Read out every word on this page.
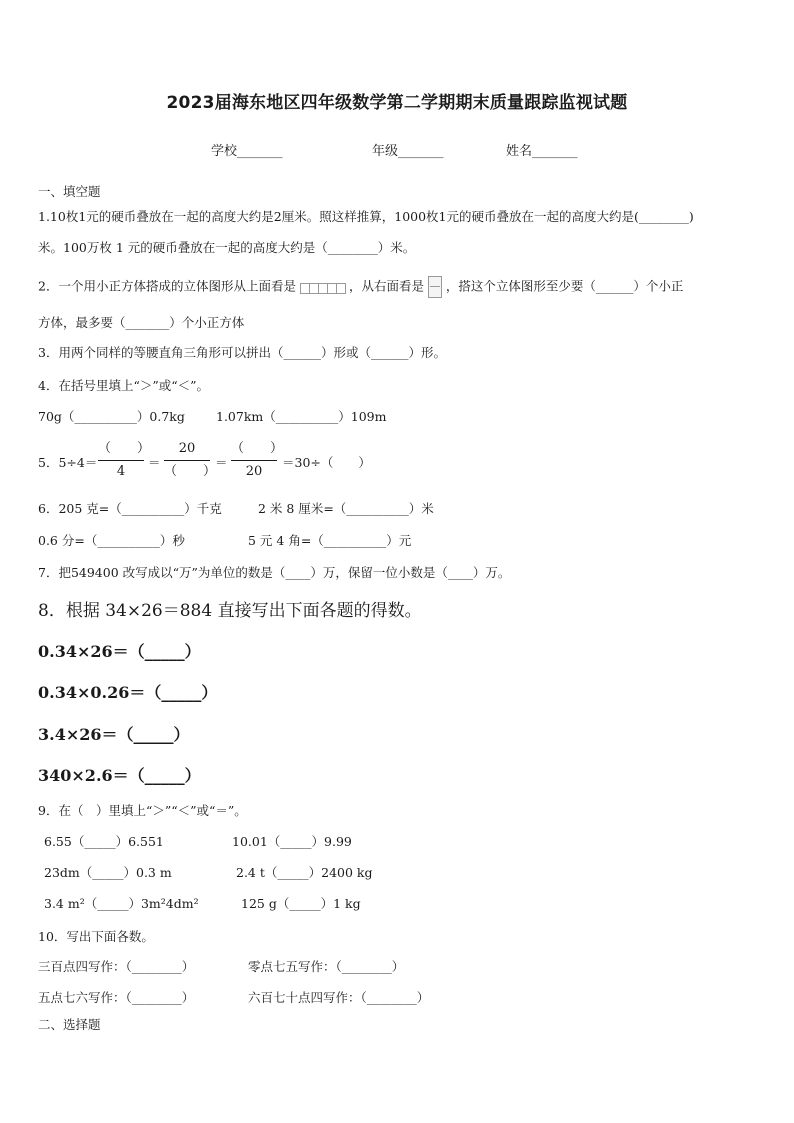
2023届海东地区四年级数学第二学期期末质量跟踪监视试题
学校_______	年级_______	姓名_______
一、填空题
1.10枚1元的硬币叠放在一起的高度大约是2厘米。照这样推算，1000枚1元的硬币叠放在一起的高度大约是(________)
米。100万枚 1 元的硬币叠放在一起的高度大约是（________）米。
2．一个用小正方体搭成的立体图形从上面看是	，从右面看是 ，搭这个立体图形至少要（______）个小正
方体，最多要（_______）个小正方体
3．用两个同样的等腰直角三角形可以拼出（______）形或（______）形。
4．在括号里填上“＞”或“＜”。
70g（__________）0.7kg 1.07km（__________）109m
5．5÷4＝
（　　）
4
＝
20
（　　）
＝
（　　）
20
＝30÷（　　）
6．205 克=（__________）千克	2 米 8 厘米=（__________）米
0.6 分=（__________）秒	5 元 4 角=（__________）元
7．把549400 改写成以“万”为单位的数是（____）万，保留一位小数是（____）万。
8．根据 34×26＝884 直接写出下面各题的得数。
0.34×26＝（_____）
0.34×0.26＝（_____）
3.4×26＝（_____）
340×2.6＝（_____）
9．在（　）里填上“＞”“＜”或“＝”。
6.55（_____）6.551	10.01（_____）9.99
23dm（_____）0.3 m	2.4 t（_____）2400 kg
3.4 m²（_____）3m²4dm²	125 g（_____）1 kg
10．写出下面各数。
三百点四写作：（________）	零点七五写作：（________）
五点七六写作：（________）	六百七十点四写作：（________）
二、选择题
